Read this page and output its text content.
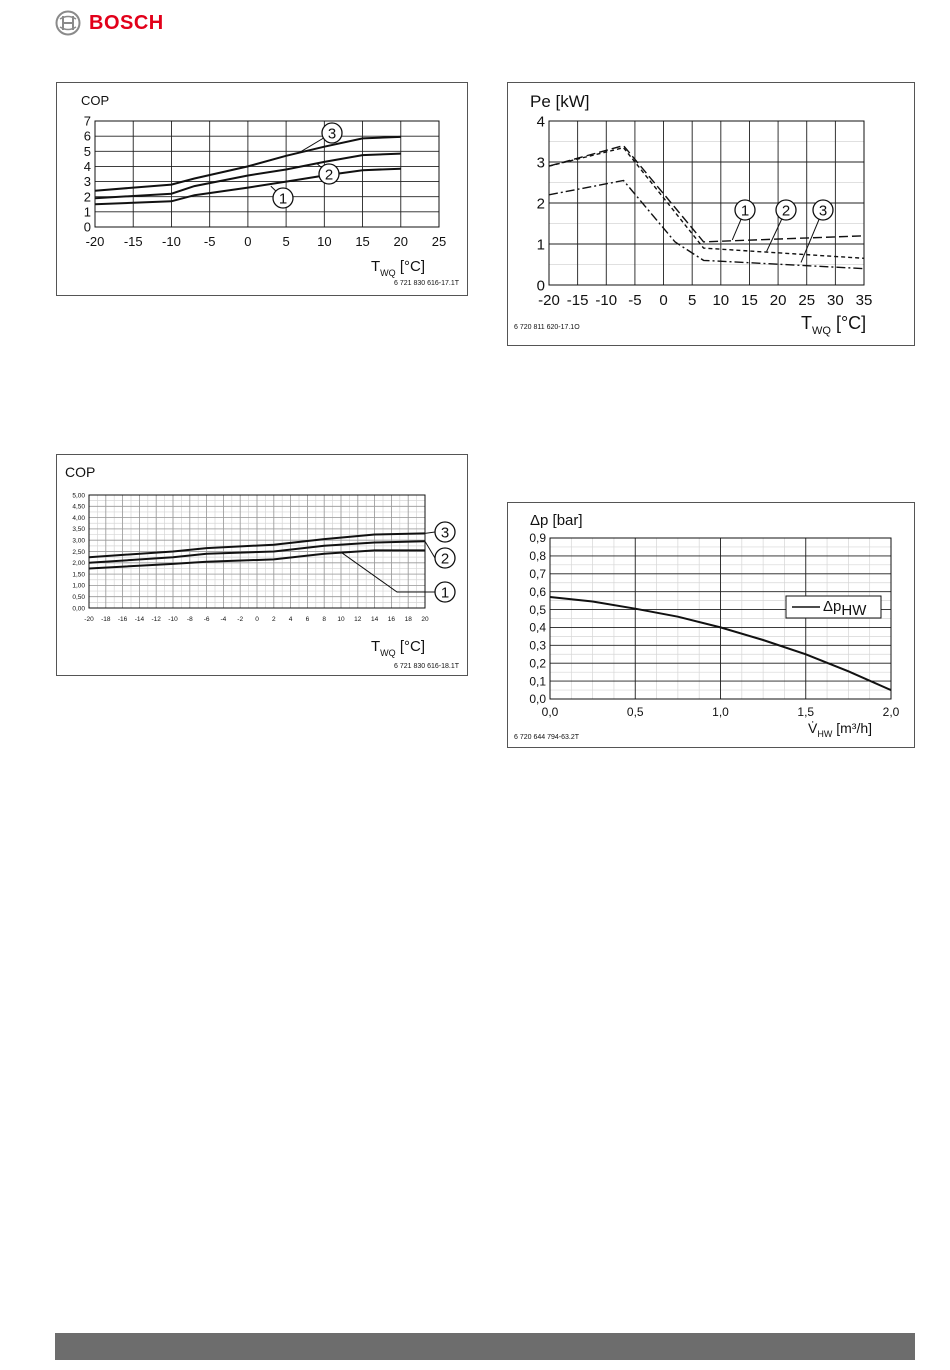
BOSCH
-20 -15 -10 -5 0 5 10 15 20 25
0
1
2
3
4
5
6
7
COP
$T_{WQ}$ [°C]
6 721 830 616-17.1T
1
2
3
-20 -15 -10 -5 0 5 10 15 20 25 30 35
0
1
2
3
4
Pe [kW]
$T_{WQ}$ [°C]
6 720 811 620-17.1O
1 2 3
-20 -18 -16 -14 -12 -10 -8 -6 -4 -2 0 2 4 6 8 10 12 14 16 18 20
0,00
0,50
1,00
1,50
2,00
2,50
3,00
3,50
4,00
4,50
5,00
COP
$T_{WQ}$ [°C]
6 721 830 616-18.1T
1
2
3
0,0	0,5	1,0	1,5	2,0
0,0
0,1
0,2
0,3
0,4
0,5
0,6
0,7
0,8
0,9
Δp [bar]
$V̇_{HW}$ [m³/h]
6 720 644 794-63.2T
ΔpHW
